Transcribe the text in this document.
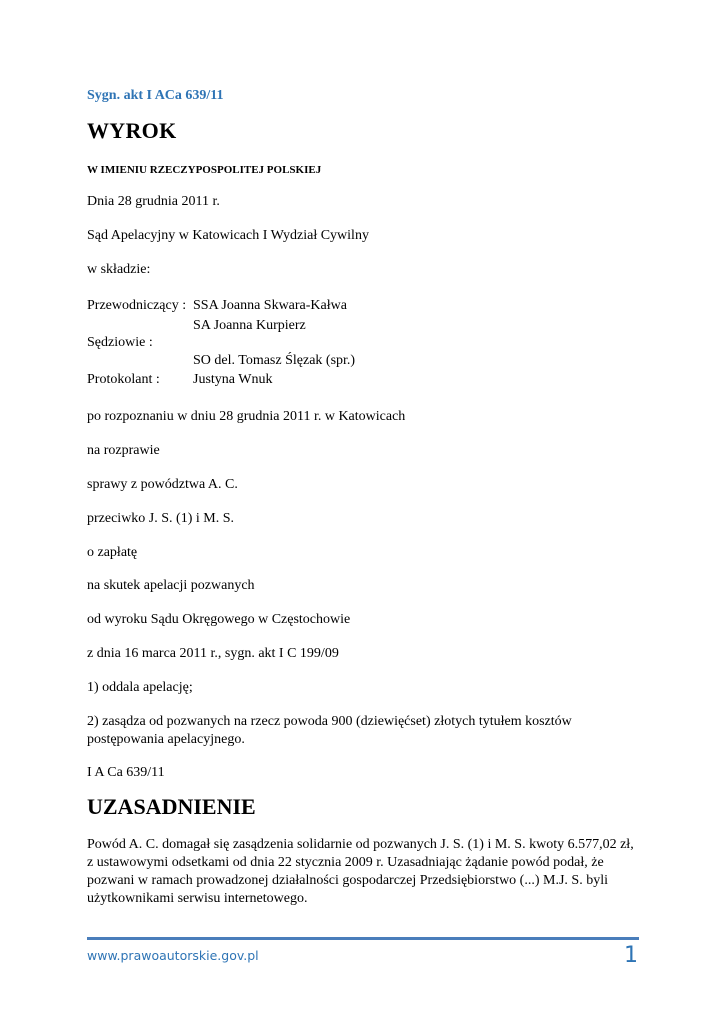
Sygn. akt I ACa 639/11
WYROK
W IMIENIU RZECZYPOSPOLITEJ POLSKIEJ
Dnia 28 grudnia 2011 r.
Sąd Apelacyjny w Katowicach I Wydział Cywilny
w składzie:
Przewodniczący : SSA Joanna Skwara-Kałwa
SA Joanna Kurpierz
Sędziowie :
SO del. Tomasz Ślęzak (spr.)
Protokolant : Justyna Wnuk
po rozpoznaniu w dniu 28 grudnia 2011 r. w Katowicach
na rozprawie
sprawy z powództwa A. C.
przeciwko J. S. (1) i M. S.
o zapłatę
na skutek apelacji pozwanych
od wyroku Sądu Okręgowego w Częstochowie
z dnia 16 marca 2011 r., sygn. akt I C 199/09
1) oddala apelację;
2) zasądza od pozwanych na rzecz powoda 900 (dziewięćset) złotych tytułem kosztów postępowania apelacyjnego.
I A Ca 639/11
UZASADNIENIE
Powód A. C. domagał się zasądzenia solidarnie od pozwanych J. S. (1) i M. S. kwoty 6.577,02 zł, z ustawowymi odsetkami od dnia 22 stycznia 2009 r. Uzasadniając żądanie powód podał, że pozwani w ramach prowadzonej działalności gospodarczej Przedsiębiorstwo (...) M.J. S. byli użytkownikami serwisu internetowego.
www.prawoautorskie.gov.pl	1
